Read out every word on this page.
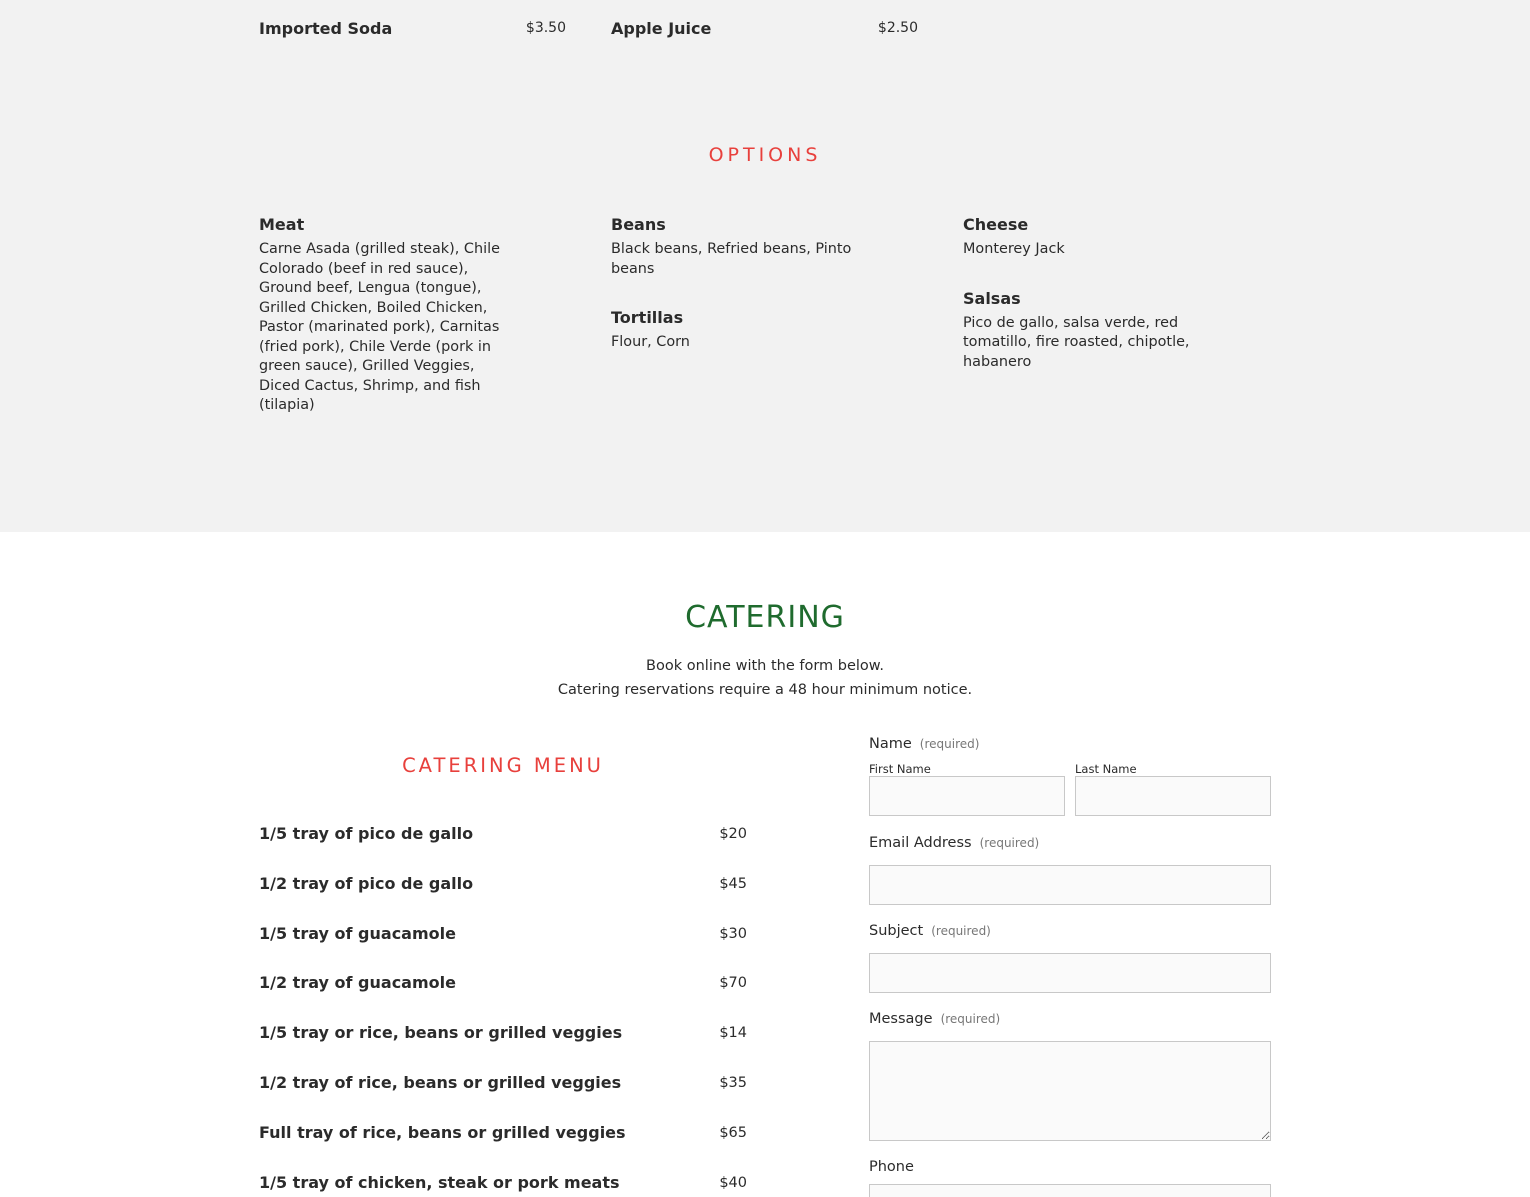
Imported Soda	$3.50	Apple Juice	$2.50
OPTIONS
Meat
Carne Asada (grilled steak), Chile Colorado (beef in red sauce), Ground beef, Lengua (tongue), Grilled Chicken, Boiled Chicken, Pastor (marinated pork), Carnitas (fried pork), Chile Verde (pork in green sauce), Grilled Veggies, Diced Cactus, Shrimp, and fish (tilapia)
Beans
Black beans, Refried beans, Pinto beans
Tortillas
Flour, Corn
Cheese
Monterey Jack
Salsas
Pico de gallo, salsa verde, red tomatillo, fire roasted, chipotle, habanero
CATERING

Book online with the form below.

Catering reservations require a 48 hour minimum notice.

CATERING MENU
1/5 tray of pico de gallo	$20
1/2 tray of pico de gallo	$45
1/5 tray of guacamole	$30
1/2 tray of guacamole	$70
1/5 tray or rice, beans or grilled veggies	$14
1/2 tray of rice, beans or grilled veggies	$35
Full tray of rice, beans or grilled veggies	$65
1/5 tray of chicken, steak or pork meats	$40
Name (required)
First Name	Last Name
Email Address (required)
Subject (required)
Message (required)
Phone
